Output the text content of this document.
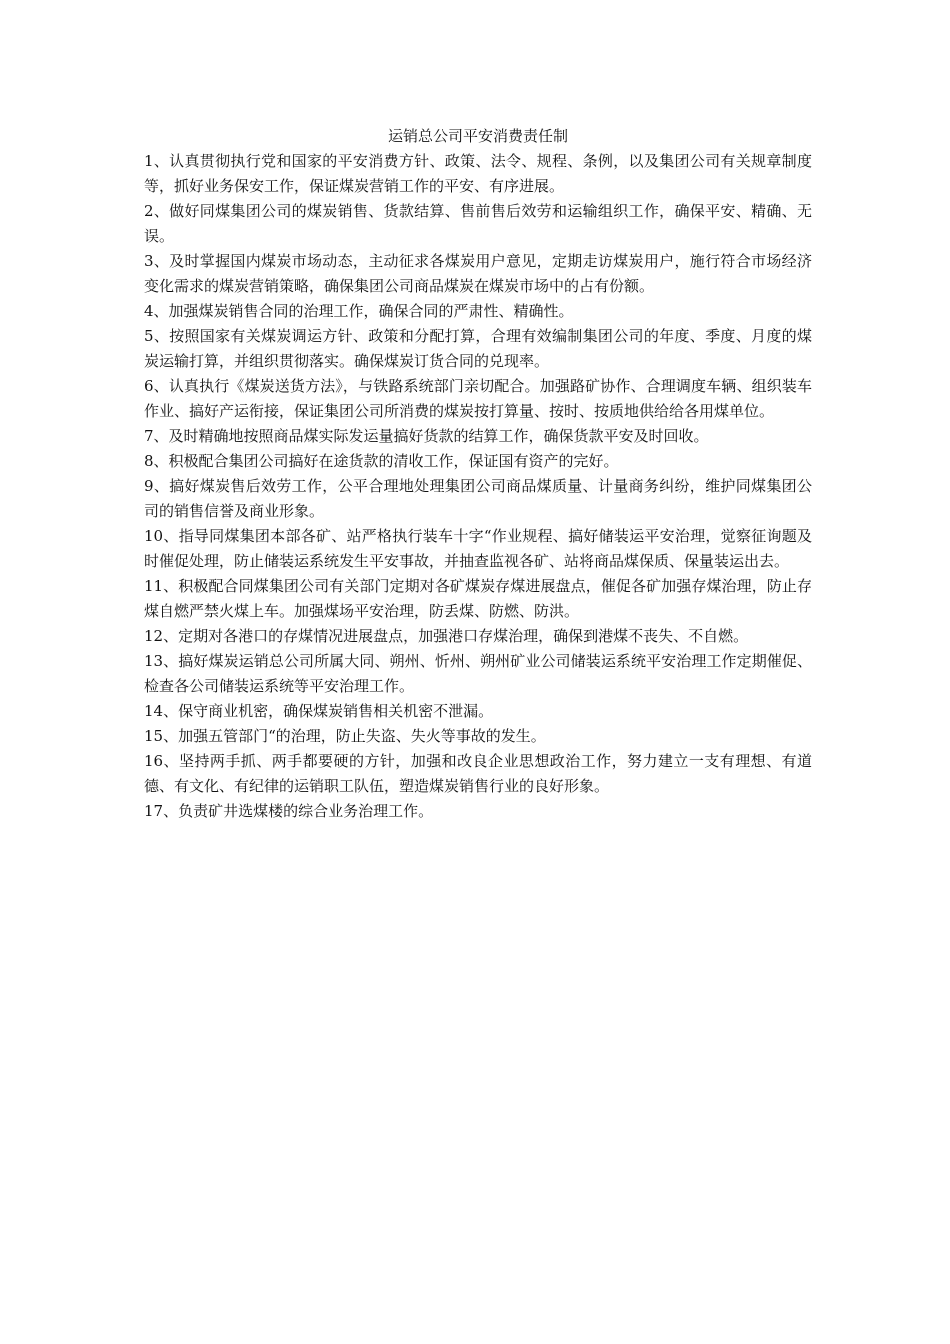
运销总公司平安消费责任制

1、认真贯彻执行党和国家的平安消费方针、政策、法令、规程、条例，以及集团公司有关规章制度等，抓好业务保安工作，保证煤炭营销工作的平安、有序进展。

2、做好同煤集团公司的煤炭销售、货款结算、售前售后效劳和运输组织工作，确保平安、精确、无误。

3、及时掌握国内煤炭市场动态，主动征求各煤炭用户意见，定期走访煤炭用户，施行符合市场经济变化需求的煤炭营销策略，确保集团公司商品煤炭在煤炭市场中的占有份额。

4、加强煤炭销售合同的治理工作，确保合同的严肃性、精确性。

5、按照国家有关煤炭调运方针、政策和分配打算，合理有效编制集团公司的年度、季度、月度的煤炭运输打算，并组织贯彻落实。确保煤炭订货合同的兑现率。

6、认真执行《煤炭送货方法》，与铁路系统部门亲切配合。加强路矿协作、合理调度车辆、组织装车作业、搞好产运衔接，保证集团公司所消费的煤炭按打算量、按时、按质地供给给各用煤单位。

7、及时精确地按照商品煤实际发运量搞好货款的结算工作，确保货款平安及时回收。

8、积极配合集团公司搞好在途货款的清收工作，保证国有资产的完好。

9、搞好煤炭售后效劳工作，公平合理地处理集团公司商品煤质量、计量商务纠纷，维护同煤集团公司的销售信誉及商业形象。

10、指导同煤集团本部各矿、站严格执行装车十字“作业规程、搞好储装运平安治理，觉察征询题及时催促处理，防止储装运系统发生平安事故，并抽查监视各矿、站将商品煤保质、保量装运出去。

11、积极配合同煤集团公司有关部门定期对各矿煤炭存煤进展盘点，催促各矿加强存煤治理，防止存煤自燃严禁火煤上车。加强煤场平安治理，防丢煤、防燃、防洪。

12、定期对各港口的存煤情况进展盘点，加强港口存煤治理，确保到港煤不丧失、不自燃。

13、搞好煤炭运销总公司所属大同、朔州、忻州、朔州矿业公司储装运系统平安治理工作定期催促、检查各公司储装运系统等平安治理工作。

14、保守商业机密，确保煤炭销售相关机密不泄漏。

15、加强五管部门“的治理，防止失盗、失火等事故的发生。

16、坚持两手抓、两手都要硬的方针，加强和改良企业思想政治工作，努力建立一支有理想、有道德、有文化、有纪律的运销职工队伍，塑造煤炭销售行业的良好形象。

17、负责矿井选煤楼的综合业务治理工作。
